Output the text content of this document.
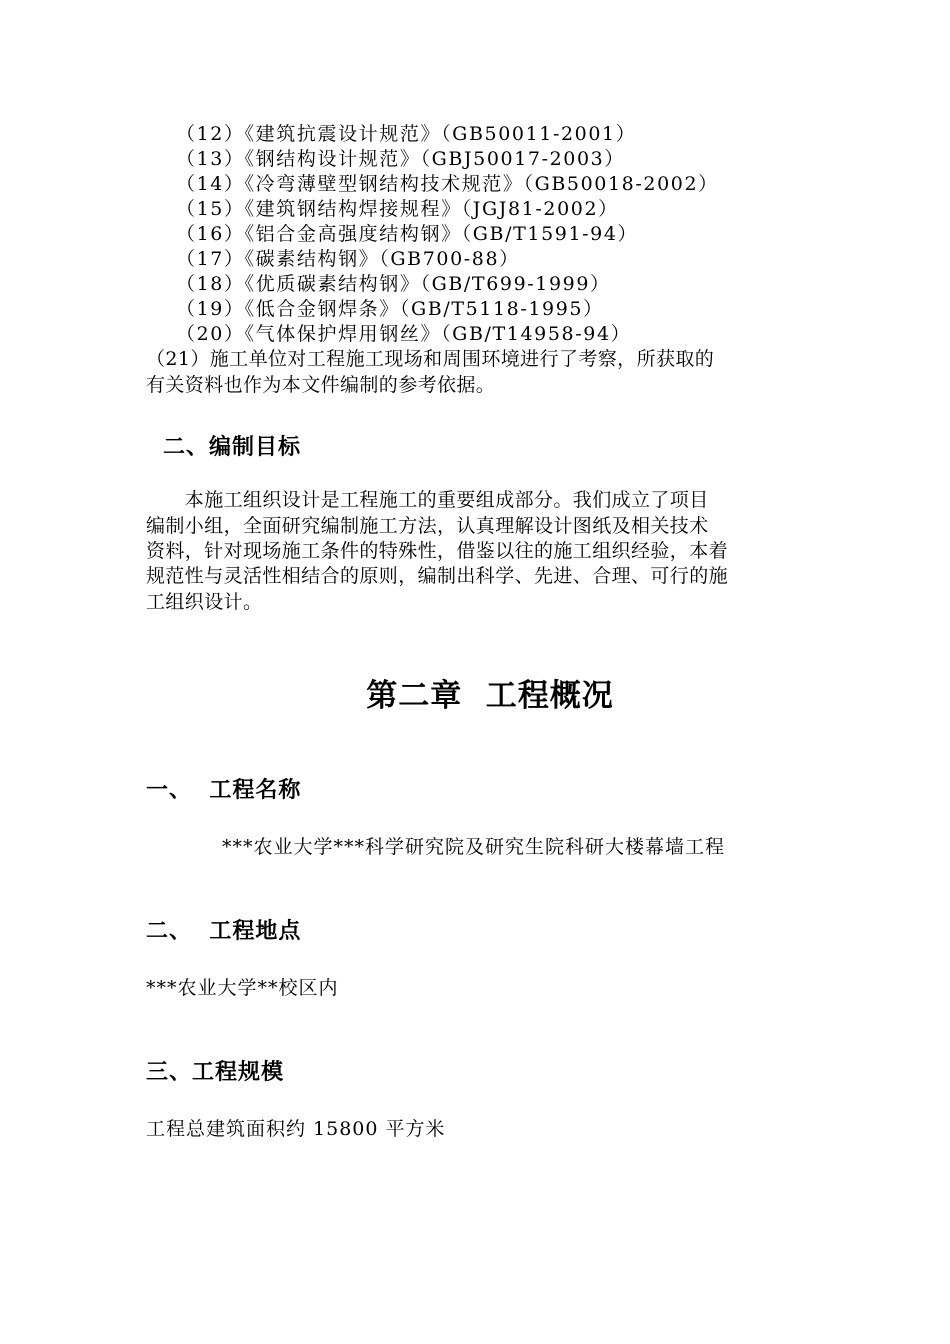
（12）《建筑抗震设计规范》（GB50011-2001）
（13）《钢结构设计规范》（GBJ50017-2003）
（14）《冷弯薄壁型钢结构技术规范》（GB50018-2002）
（15）《建筑钢结构焊接规程》（JGJ81-2002）
（16）《铝合金高强度结构钢》（GB/T1591-94）
（17）《碳素结构钢》（GB700-88）
（18）《优质碳素结构钢》（GB/T699-1999）
（19）《低合金钢焊条》（GB/T5118-1995）
（20）《气体保护焊用钢丝》（GB/T14958-94）
（21）施工单位对工程施工现场和周围环境进行了考察，所获取的
有关资料也作为本文件编制的参考依据。
二、编制目标
　　本施工组织设计是工程施工的重要组成部分。我们成立了项目
编制小组，全面研究编制施工方法，认真理解设计图纸及相关技术
资料，针对现场施工条件的特殊性，借鉴以往的施工组织经验，本着
规范性与灵活性相结合的原则，编制出科学、先进、合理、可行的施
工组织设计。
第二章  工程概况
一、  工程名称
***农业大学***科学研究院及研究生院科研大楼幕墙工程
二、  工程地点
***农业大学**校区内
三、工程规模
工程总建筑面积约 15800 平方米
